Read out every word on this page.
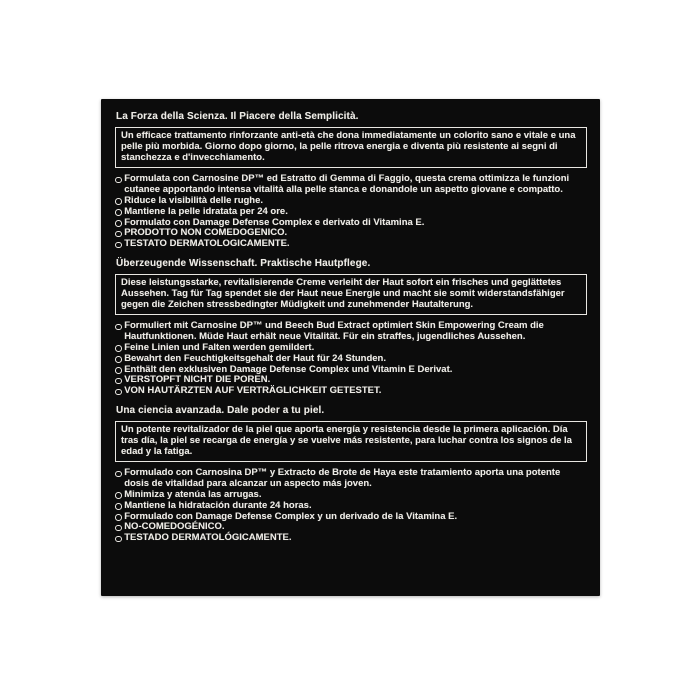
La Forza della Scienza. Il Piacere della Semplicità.
Un efficace trattamento rinforzante anti-età che dona immediatamente un colorito sano e vitale e una pelle più morbida. Giorno dopo giorno, la pelle ritrova energia e diventa più resistente ai segni di stanchezza e d'invecchiamento.
Formulata con Carnosine DP™ ed Estratto di Gemma di Faggio, questa crema ottimizza le funzioni cutanee apportando intensa vitalità alla pelle stanca e donandole un aspetto giovane e compatto.
Riduce la visibilità delle rughe.
Mantiene la pelle idratata per 24 ore.
Formulato con Damage Defense Complex e derivato di Vitamina E.
PRODOTTO NON COMEDOGENICO.
TESTATO DERMATOLOGICAMENTE.
Überzeugende Wissenschaft. Praktische Hautpflege.
Diese leistungsstarke, revitalisierende Creme verleiht der Haut sofort ein frisches und geglättetes Aussehen. Tag für Tag spendet sie der Haut neue Energie und macht sie somit widerstandsfähiger gegen die Zeichen stressbedingter Müdigkeit und zunehmender Hautalterung.
Formuliert mit Carnosine DP™ und Beech Bud Extract optimiert Skin Empowering Cream die Hautfunktionen. Müde Haut erhält neue Vitalität. Für ein straffes, jugendliches Aussehen.
Feine Linien und Falten werden gemildert.
Bewahrt den Feuchtigkeitsgehalt der Haut für 24 Stunden.
Enthält den exklusiven Damage Defense Complex und Vitamin E Derivat.
VERSTOPFT NICHT DIE POREN.
VON HAUTÄRZTEN AUF VERTRÄGLICHKEIT GETESTET.
Una ciencia avanzada. Dale poder a tu piel.
Un potente revitalizador de la piel que aporta energía y resistencia desde la primera aplicación. Día tras día, la piel se recarga de energía y se vuelve más resistente, para luchar contra los signos de la edad y la fatiga.
Formulado con Carnosina DP™ y Extracto de Brote de Haya este tratamiento aporta una potente dosis de vitalidad para alcanzar un aspecto más joven.
Minimiza y atenúa las arrugas.
Mantiene la hidratación durante 24 horas.
Formulado con Damage Defense Complex y un derivado de la Vitamina E.
NO-COMEDOGÉNICO.
TESTADO DERMATOLÓGICAMENTE.
